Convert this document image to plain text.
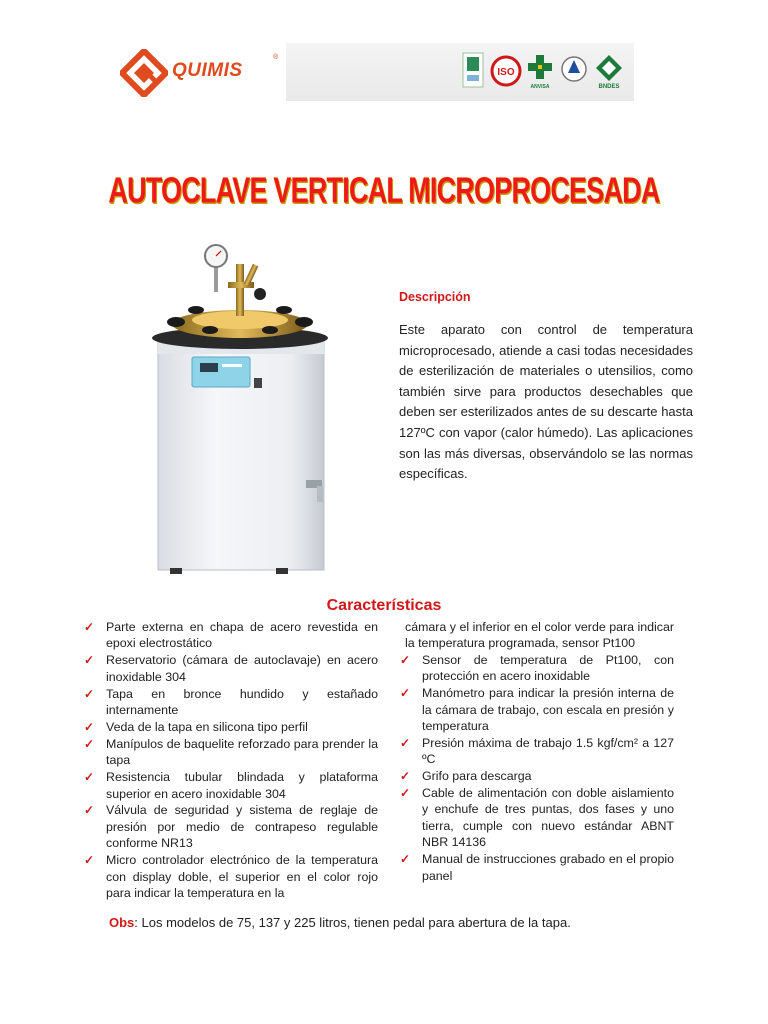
QUIMIS
®
ISO
ANVISA	BNDES
AUTOCLAVE VERTICAL MICROPROCESADA
Descripción
Este aparato con control de temperatura microprocesado, atiende a casi todas necesidades de esterilización de materiales o utensilios, como también sirve para productos desechables que deben ser esterilizados antes de su descarte hasta 127ºC con vapor (calor húmedo). Las aplicaciones son las más diversas, observándolo se las normas específicas.
Características
✓ Parte externa en chapa de acero revestida en epoxi electrostático
✓ Reservatorio (cámara de autoclavaje) en acero inoxidable 304
✓ Tapa en bronce hundido y estañado internamente
✓ Veda de la tapa en silicona tipo perfil
✓ Manípulos de baquelite reforzado para prender la tapa
✓ Resistencia tubular blindada y plataforma superior en acero inoxidable 304
✓ Válvula de seguridad y sistema de reglaje de presión por medio de contrapeso regulable conforme NR13
✓ Micro controlador electrónico de la temperatura con display doble, el superior en el color rojo para indicar la temperatura en la
cámara y el inferior en el color verde para indicar la temperatura programada, sensor Pt100
✓ Sensor de temperatura de Pt100, con protección en acero inoxidable
✓ Manómetro para indicar la presión interna de la cámara de trabajo, con escala en presión y temperatura
✓ Presión máxima de trabajo 1.5 kgf/cm² a 127 ºC
✓ Grifo para descarga
✓ Cable de alimentación con doble aislamiento y enchufe de tres puntas, dos fases y uno tierra, cumple con nuevo estándar ABNT NBR 14136
✓ Manual de instrucciones grabado en el propio panel
Obs: Los modelos de 75, 137 y 225 litros, tienen pedal para abertura de la tapa.
